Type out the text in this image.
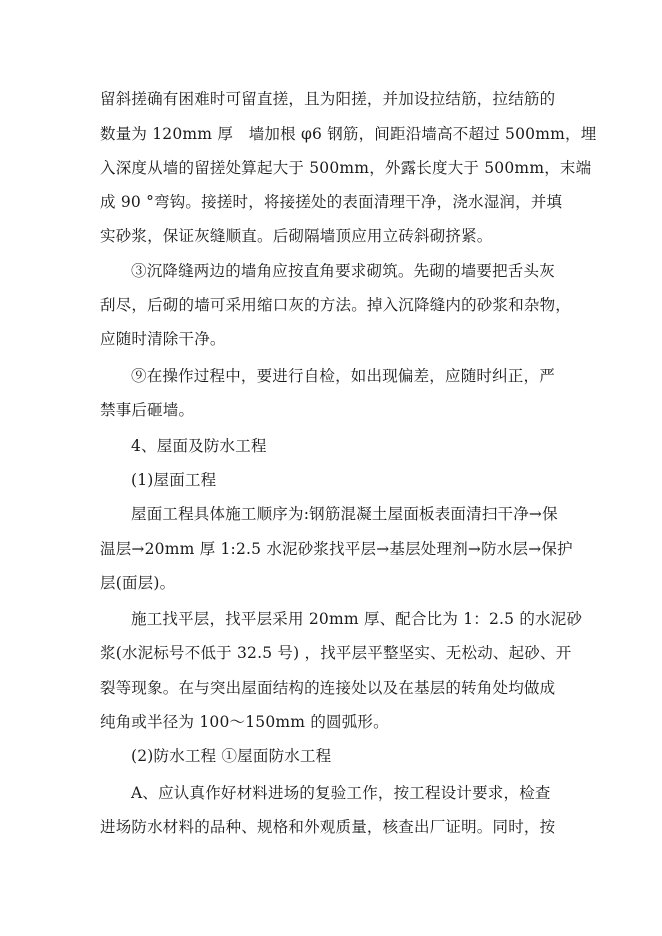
留斜搓确有困难时可留直搓，且为阳搓，并加设拉结筋，拉结筋的
数量为 120mm 厚　墙加根 φ6 钢筋，间距沿墙高不超过 500mm，埋
入深度从墙的留搓处算起大于 500mm，外露长度大于 500mm，末端
成 90 °弯钩。接搓时，将接搓处的表面清理干净，浇水湿润，并填
实砂浆，保证灰缝顺直。后砌隔墙顶应用立砖斜砌挤紧。
③沉降缝两边的墙角应按直角要求砌筑。先砌的墙要把舌头灰
刮尽，后砌的墙可采用缩口灰的方法。掉入沉降缝内的砂浆和杂物，
应随时清除干净。
⑨在操作过程中，要进行自检，如出现偏差，应随时纠正，严
禁事后砸墙。
4、屋面及防水工程
(1)屋面工程
屋面工程具体施工顺序为:钢筋混凝土屋面板表面清扫干净→保
温层→20mm 厚 1:2.5 水泥砂浆找平层→基层处理剂→防水层→保护
层(面层)。
施工找平层，找平层采用 20mm 厚、配合比为 1：2.5 的水泥砂
浆(水泥标号不低于 32.5 号) ，找平层平整坚实、无松动、起砂、开
裂等现象。在与突出屋面结构的连接处以及在基层的转角处均做成
纯角或半径为 100～150mm 的圆弧形。
(2)防水工程 ①屋面防水工程
A、应认真作好材料进场的复验工作，按工程设计要求，检查
进场防水材料的品种、规格和外观质量，核查出厂证明。同时，按
